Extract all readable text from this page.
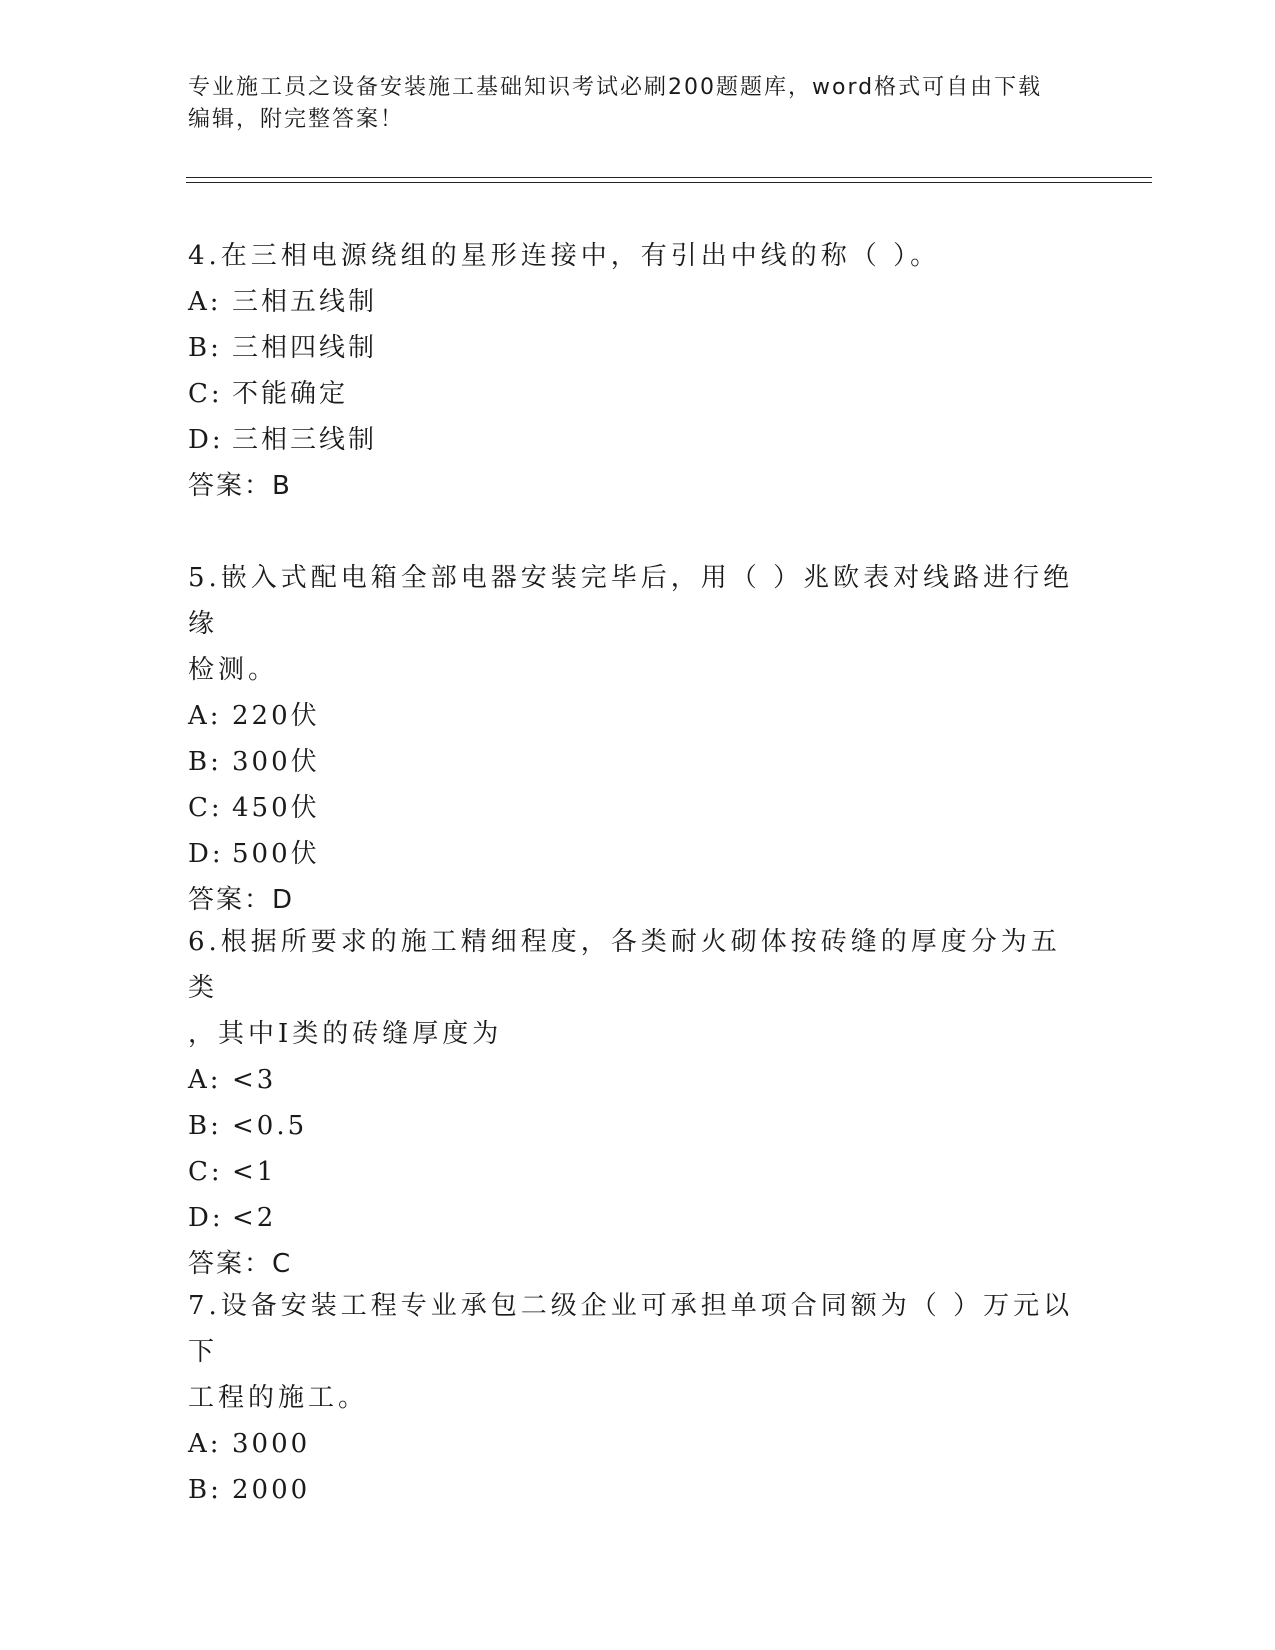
专业施工员之设备安装施工基础知识考试必刷200题题库，word格式可自由下载
编辑，附完整答案！

4.在三相电源绕组的星形连接中，有引出中线的称（ ）。

A: 三相五线制

B: 三相四线制

C: 不能确定

D: 三相三线制

答案：B

5.嵌入式配电箱全部电器安装完毕后，用（ ）兆欧表对线路进行绝缘

检测。

A: 220伏

B: 300伏

C: 450伏

D: 500伏

答案：D

6.根据所要求的施工精细程度，各类耐火砌体按砖缝的厚度分为五类

，其中Ⅰ类的砖缝厚度为

A: <3

B: <0.5

C: <1

D: <2

答案：C

7.设备安装工程专业承包二级企业可承担单项合同额为（ ）万元以下

工程的施工。

A: 3000

B: 2000
